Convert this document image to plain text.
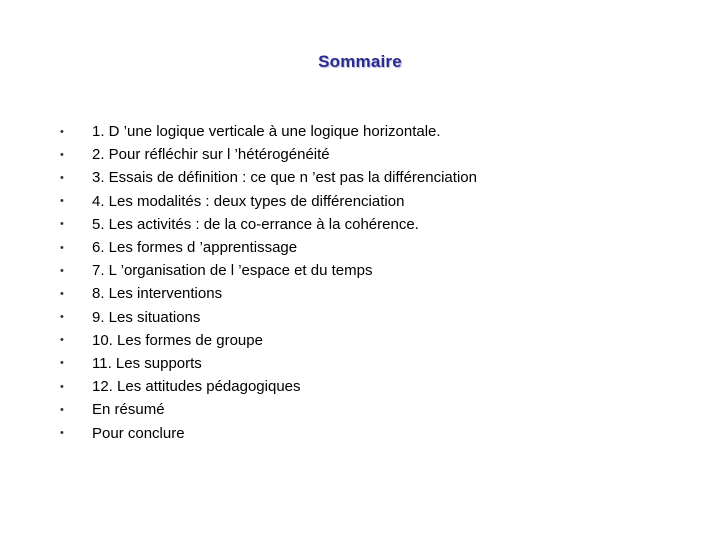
Sommaire
•	1. D ’une logique verticale à une logique horizontale.
•	2. Pour réfléchir sur l ’hétérogénéité
•	3. Essais de définition : ce que n ’est pas la différenciation
•	4. Les modalités : deux types de différenciation
•	5. Les activités : de la co-errance à la cohérence.
•	6. Les formes d ’apprentissage
•	7. L ’organisation de l ’espace et du temps
•	8. Les interventions
•	9. Les situations
•	10. Les formes de groupe
•	11. Les supports
•	12. Les attitudes pédagogiques
•	En résumé
•	Pour conclure
